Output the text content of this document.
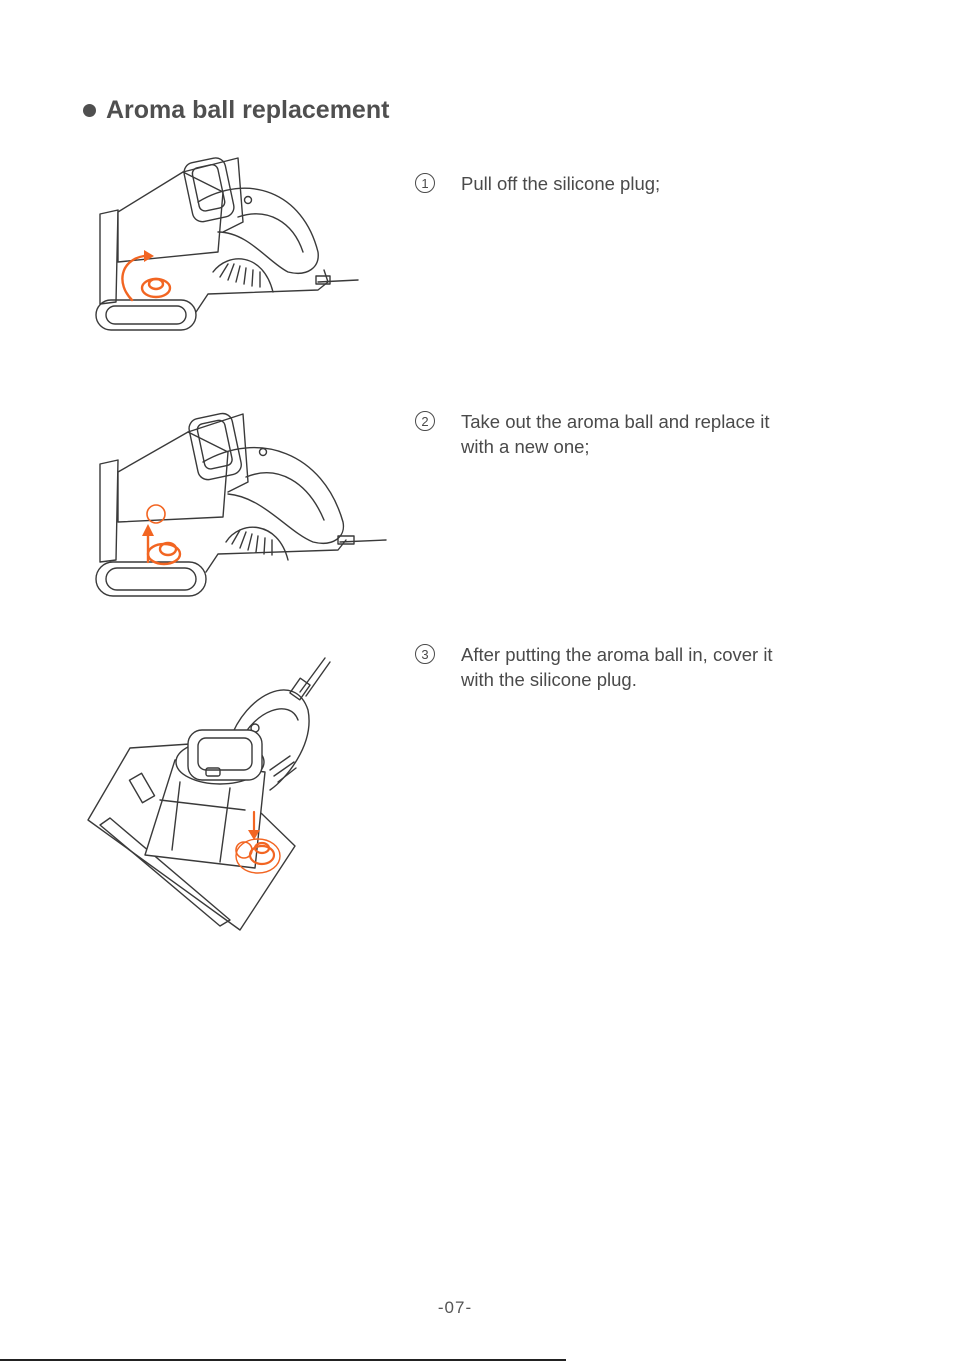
Aroma ball replacement
1	Pull off the silicone plug;
2	Take out the aroma ball and replace it with a new one;
3	After putting the aroma ball in, cover it with the silicone plug.
-07-
